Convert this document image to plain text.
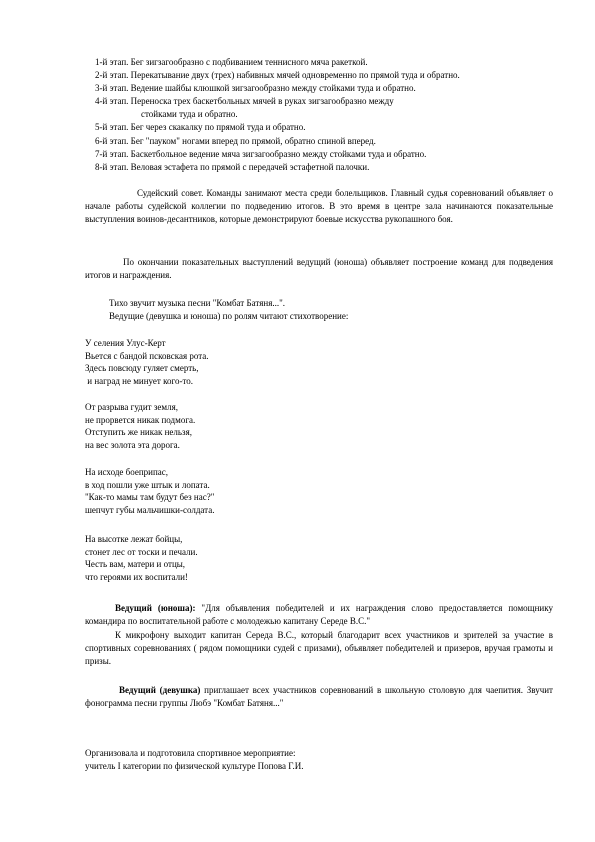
1-й этап. Бег зигзагообразно с подбиванием теннисного мяча ракеткой.
2-й этап. Перекатывание двух (трех) набивных мячей одновременно по прямой туда и обратно.
3-й этап. Ведение шайбы клюшкой зигзагообразно между стойками туда и обратно.
4-й этап. Переноска трех баскетбольных мячей в руках зигзагообразно между
стойками туда и обратно.
5-й этап. Бег через скакалку по прямой туда и обратно.
6-й этап. Бег "пауком" ногами вперед по прямой, обратно спиной вперед.
7-й этап. Баскетбольное ведение мяча зигзагообразно между стойками туда и обратно.
8-й этап. Веловая эстафета по прямой с передачей эстафетной палочки.
Судейский совет. Команды занимают места среди болельщиков. Главный судья соревнований объявляет о начале работы судейской коллегии по подведению итогов. В это время в центре зала начинаются показательные выступления воинов-десантников, которые демонстрируют боевые искусства рукопашного боя.
По окончании показательных выступлений ведущий (юноша) объявляет построение команд для подведения итогов и награждения.
Тихо звучит музыка песни "Комбат Батяня...".
Ведущие (девушка и юноша) по ролям читают стихотворение:
У селения Улус-Керт
Вьется с бандой псковская рота.
Здесь повсюду гуляет смерть,
и наград не минует кого-то.
От разрыва гудит земля,
не прорвется никак подмога.
Отступить же никак нельзя,
на вес золота эта дорога.
На исходе боеприпас,
в ход пошли уже штык и лопата.
"Как-то мамы там будут без нас?"
шепчут губы мальчишки-солдата.
На высотке лежат бойцы,
стонет лес от тоски и печали.
Честь вам, матери и отцы,
что героями их воспитали!
Ведущий (юноша): "Для объявления победителей и их награждения слово предоставляется помощнику командира по воспитательной работе с молодежью капитану Середе В.С."
К микрофону выходит капитан Середа В.С., который благодарит всех участников и зрителей за участие в спортивных соревнованиях ( рядом помощники судей с призами), объявляет победителей и призеров, вручая грамоты и призы.
Ведущий (девушка) приглашает всех участников соревнований в школьную столовую для чаепития. Звучит фонограмма песни группы Любэ "Комбат Батяня..."
Организовала и подготовила спортивное мероприятие:
учитель I категории по физической культуре Попова Г.И.
